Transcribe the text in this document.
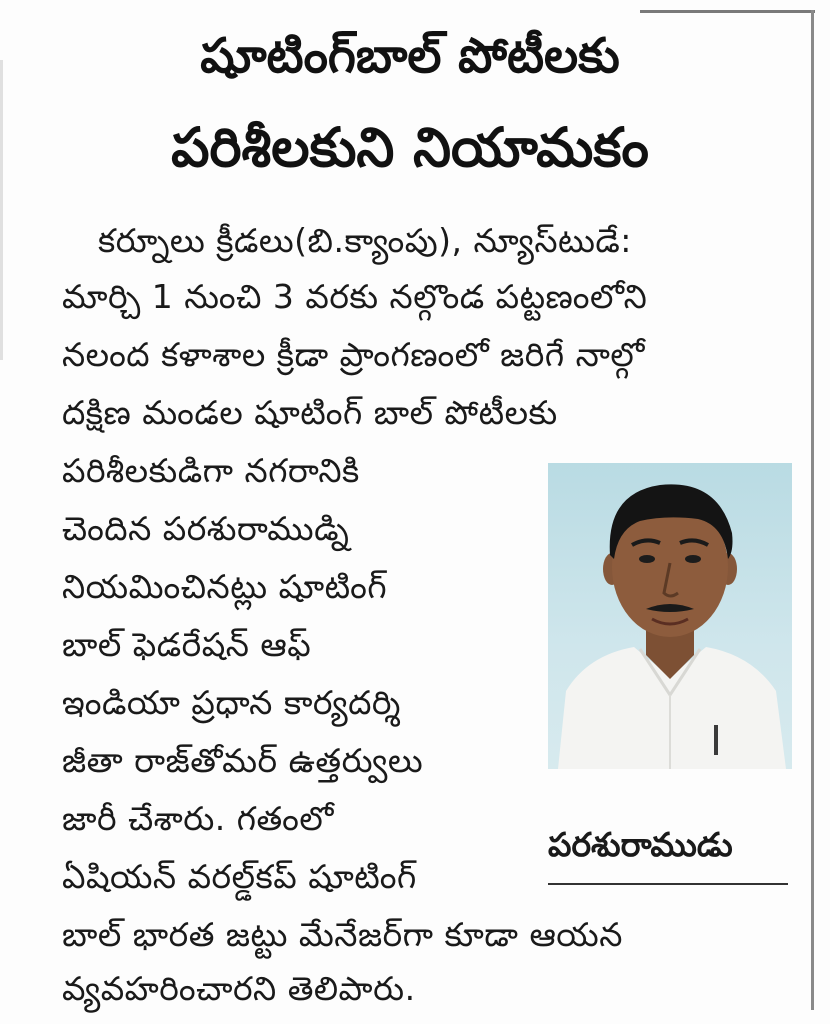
షూటింగ్‌బాల్‌ పోటీలకు
పరిశీలకుని నియామకం
కర్నూలు క్రీడలు(బి.క్యాంపు), న్యూస్‌టుడే:
మార్చి 1 నుంచి 3 వరకు నల్గొండ పట్టణంలోని
నలంద కళాశాల క్రీడా ప్రాంగణంలో జరిగే నాల్గో
దక్షిణ మండల షూటింగ్‌ బాల్‌ పోటీలకు
పరిశీలకుడిగా నగరానికి
చెందిన పరశురాముడ్ని
నియమించినట్లు షూటింగ్‌
బాల్‌ ఫెడరేషన్‌ ఆఫ్‌
ఇండియా ప్రధాన కార్యదర్శి
జీతా రాజ్‌తోమర్‌ ఉత్తర్వులు
జారీ చేశారు. గతంలో
ఏషియన్‌ వరల్డ్‌కప్‌ షూటింగ్‌
బాల్‌ భారత జట్టు మేనేజర్‌గా కూడా ఆయన
వ్యవహరించారని తెలిపారు.
పరశురాముడు
